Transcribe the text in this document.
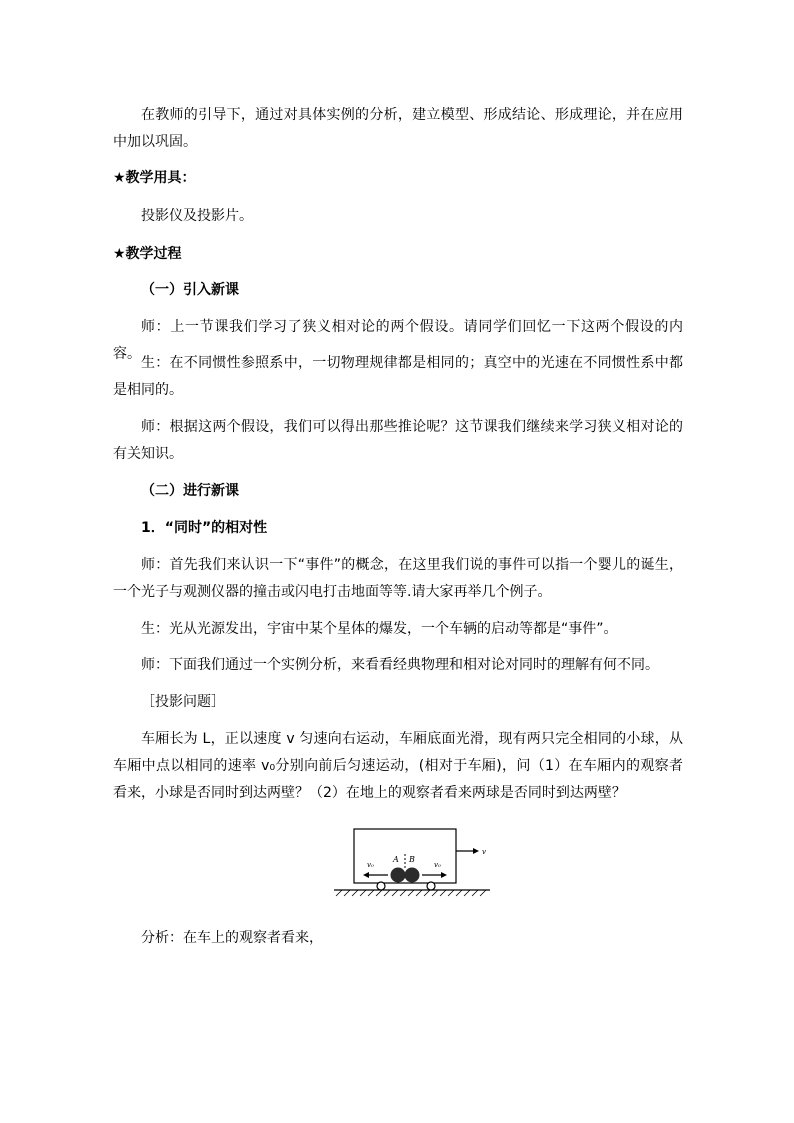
在教师的引导下，通过对具体实例的分析，建立模型、形成结论、形成理论，并在应用中加以巩固。

★教学用具：

投影仪及投影片。

★教学过程

（一）引入新课

师：上一节课我们学习了狭义相对论的两个假设。请同学们回忆一下这两个假设的内容。

生：在不同惯性参照系中，一切物理规律都是相同的；真空中的光速在不同惯性系中都是相同的。

师：根据这两个假设，我们可以得出那些推论呢？这节课我们继续来学习狭义相对论的有关知识。

（二）进行新课

1．“同时”的相对性

师：首先我们来认识一下“事件”的概念，在这里我们说的事件可以指一个婴儿的诞生，一个光子与观测仪器的撞击或闪电打击地面等等.请大家再举几个例子。

生：光从光源发出，宇宙中某个星体的爆发，一个车辆的启动等都是“事件”。

师：下面我们通过一个实例分析，来看看经典物理和相对论对同时的理解有何不同。

［投影问题］

车厢长为 L，正以速度 v 匀速向右运动，车厢底面光滑，现有两只完全相同的小球，从车厢中点以相同的速率 v₀分别向前后匀速运动，(相对于车厢)，问（1）在车厢内的观察者看来，小球是否同时到达两壁？（2）在地上的观察者看来两球是否同时到达两壁？

A B
v₀	v₀
v

分析：在车上的观察者看来，
